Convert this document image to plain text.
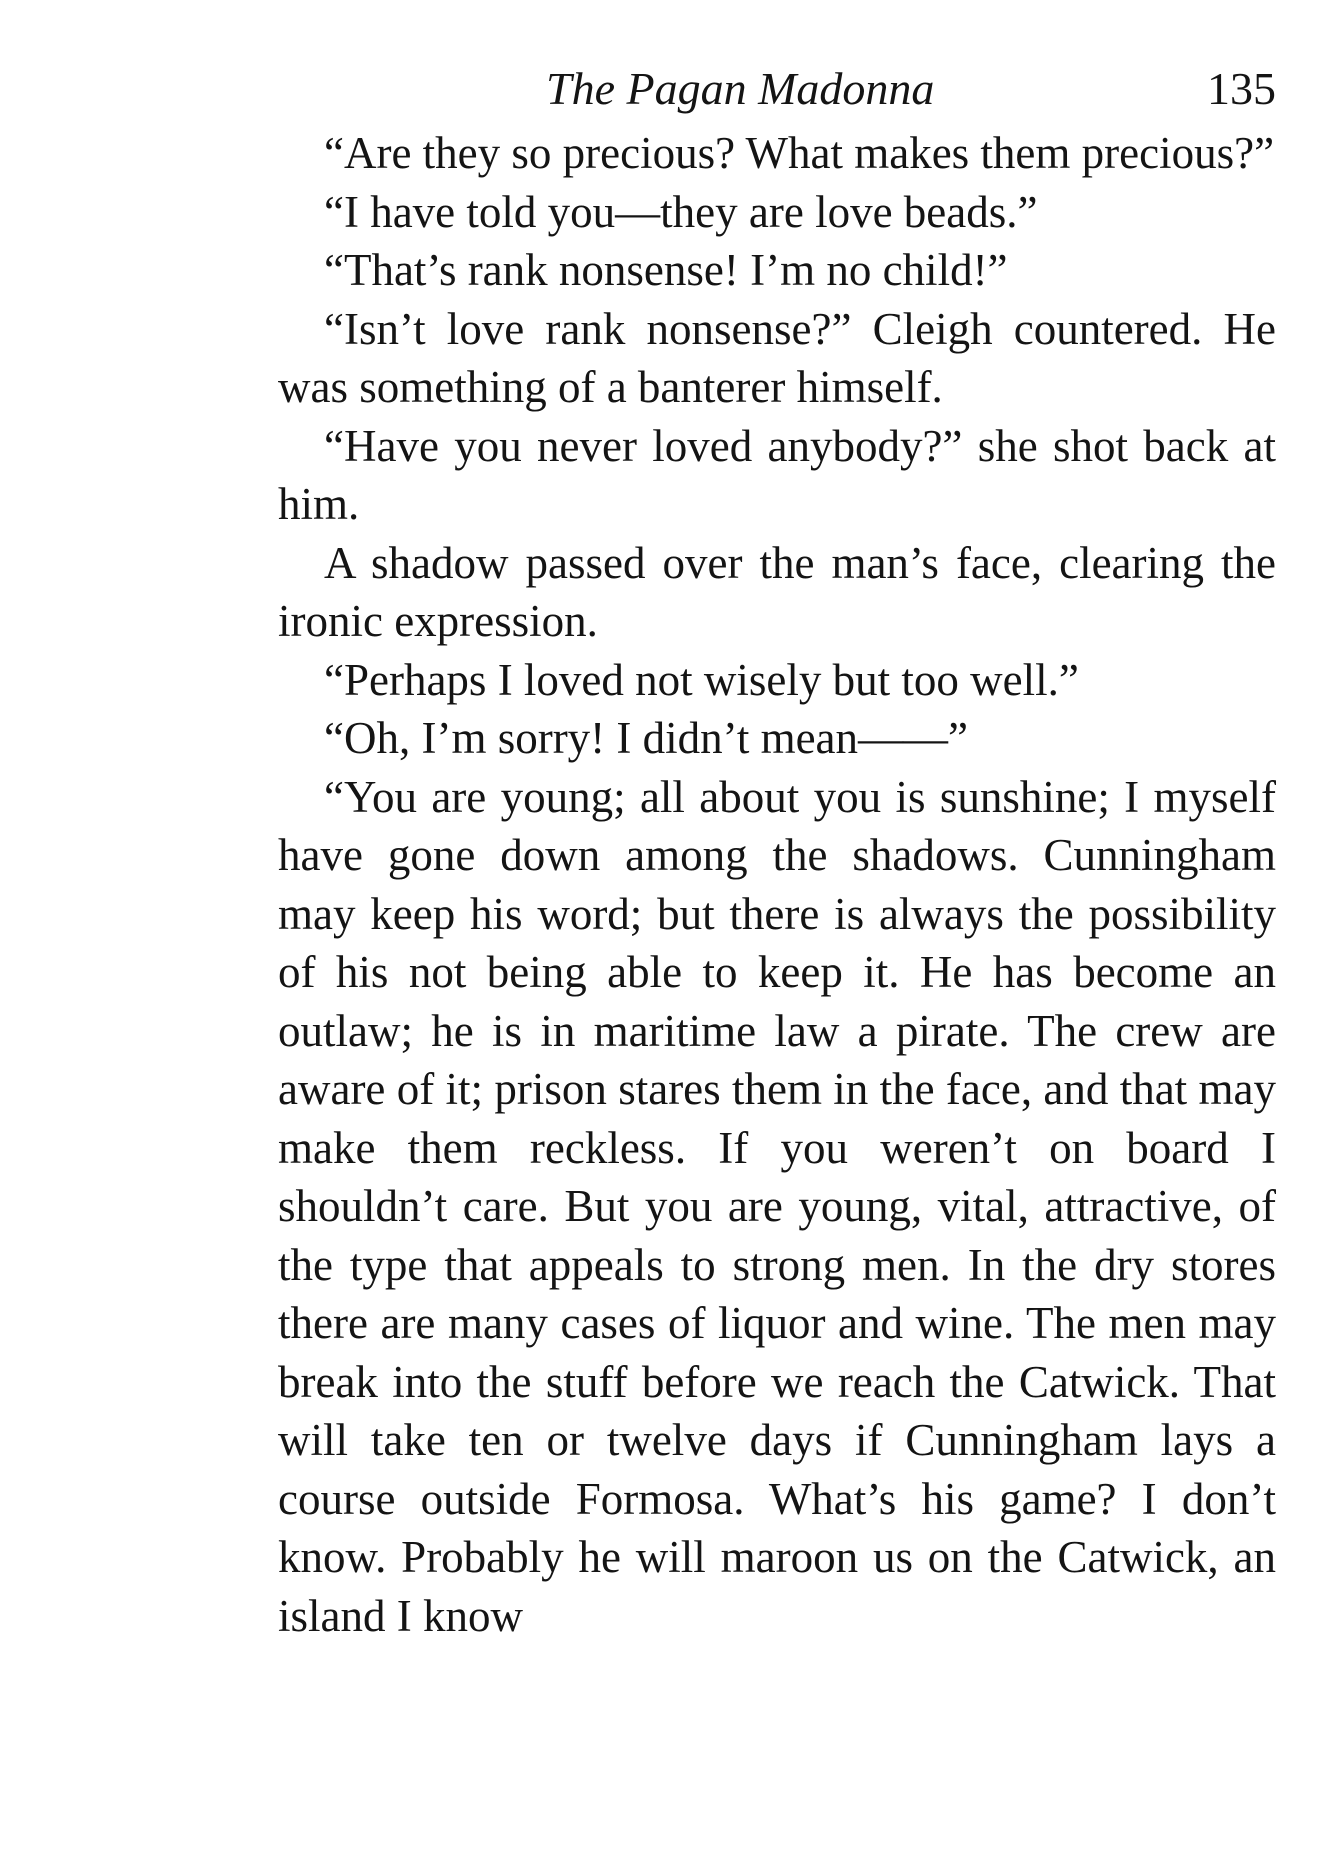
The Pagan Madonna	135

“Are they so precious? What makes them precious?”

“I have told you—they are love beads.”

“That’s rank nonsense! I’m no child!”

“Isn’t love rank nonsense?” Cleigh countered. He was something of a banterer himself.

“Have you never loved anybody?” she shot back at him.

A shadow passed over the man’s face, clearing the ironic expression.

“Perhaps I loved not wisely but too well.”

“Oh, I’m sorry! I didn’t mean——”

“You are young; all about you is sunshine; I myself have gone down among the shadows. Cunningham may keep his word; but there is always the possibility of his not being able to keep it. He has become an outlaw; he is in maritime law a pirate. The crew are aware of it; prison stares them in the face, and that may make them reckless. If you weren’t on board I shouldn’t care. But you are young, vital, attractive, of the type that appeals to strong men. In the dry stores there are many cases of liquor and wine. The men may break into the stuff before we reach the Catwick. That will take ten or twelve days if Cunningham lays a course outside Formosa. What’s his game? I don’t know. Probably he will maroon us on the Catwick, an island I know
